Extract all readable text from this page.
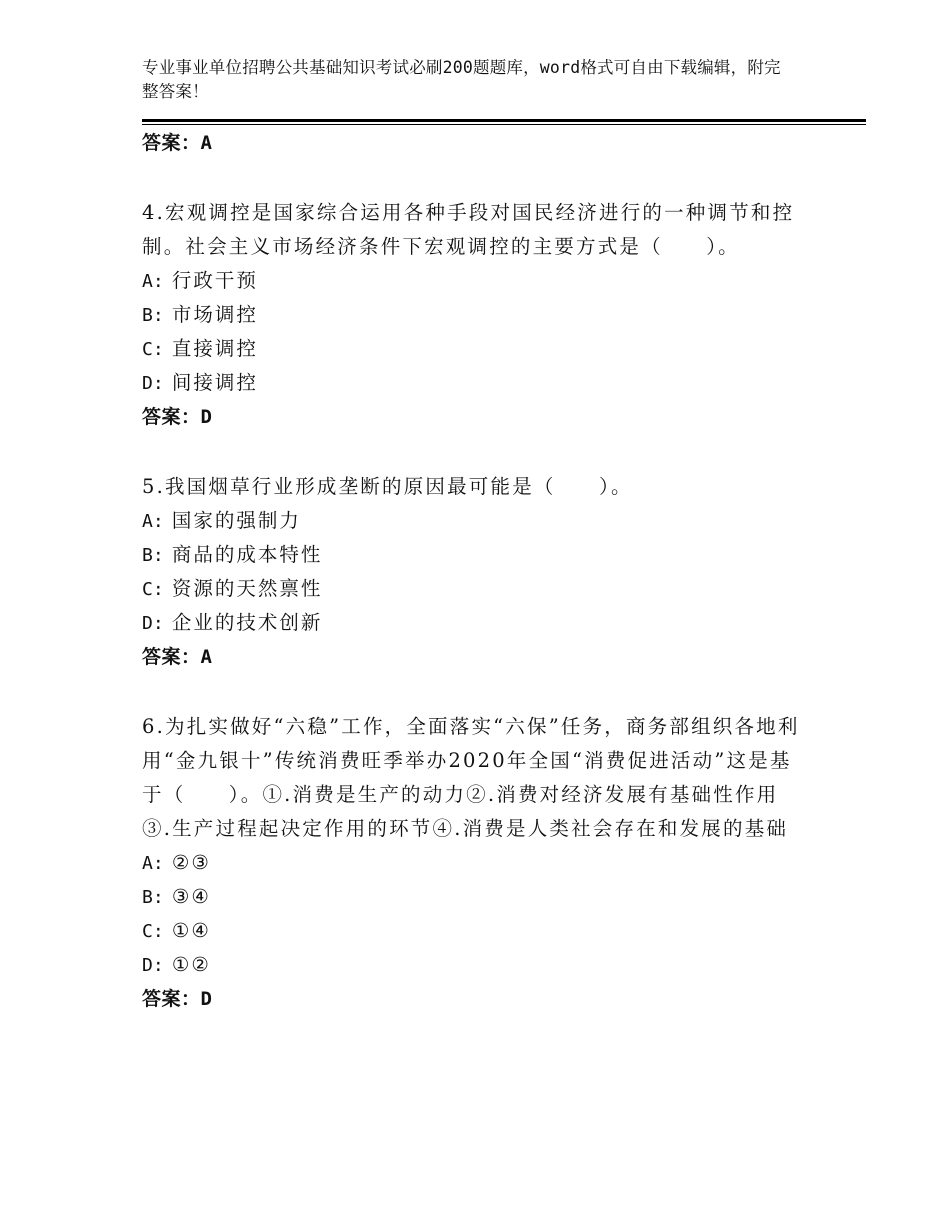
专业事业单位招聘公共基础知识考试必刷200题题库，word格式可自由下载编辑，附完整答案！
答案：A
4.宏观调控是国家综合运用各种手段对国民经济进行的一种调节和控制。社会主义市场经济条件下宏观调控的主要方式是（　　）。
A: 行政干预
B: 市场调控
C: 直接调控
D: 间接调控
答案：D
5.我国烟草行业形成垄断的原因最可能是（　　）。
A: 国家的强制力
B: 商品的成本特性
C: 资源的天然禀性
D: 企业的技术创新
答案：A
6.为扎实做好“六稳”工作，全面落实“六保”任务，商务部组织各地利用“金九银十”传统消费旺季举办2020年全国“消费促进活动”这是基于（　　）。①.消费是生产的动力②.消费对经济发展有基础性作用③.生产过程起决定作用的环节④.消费是人类社会存在和发展的基础
A: ②③
B: ③④
C: ①④
D: ①②
答案：D
